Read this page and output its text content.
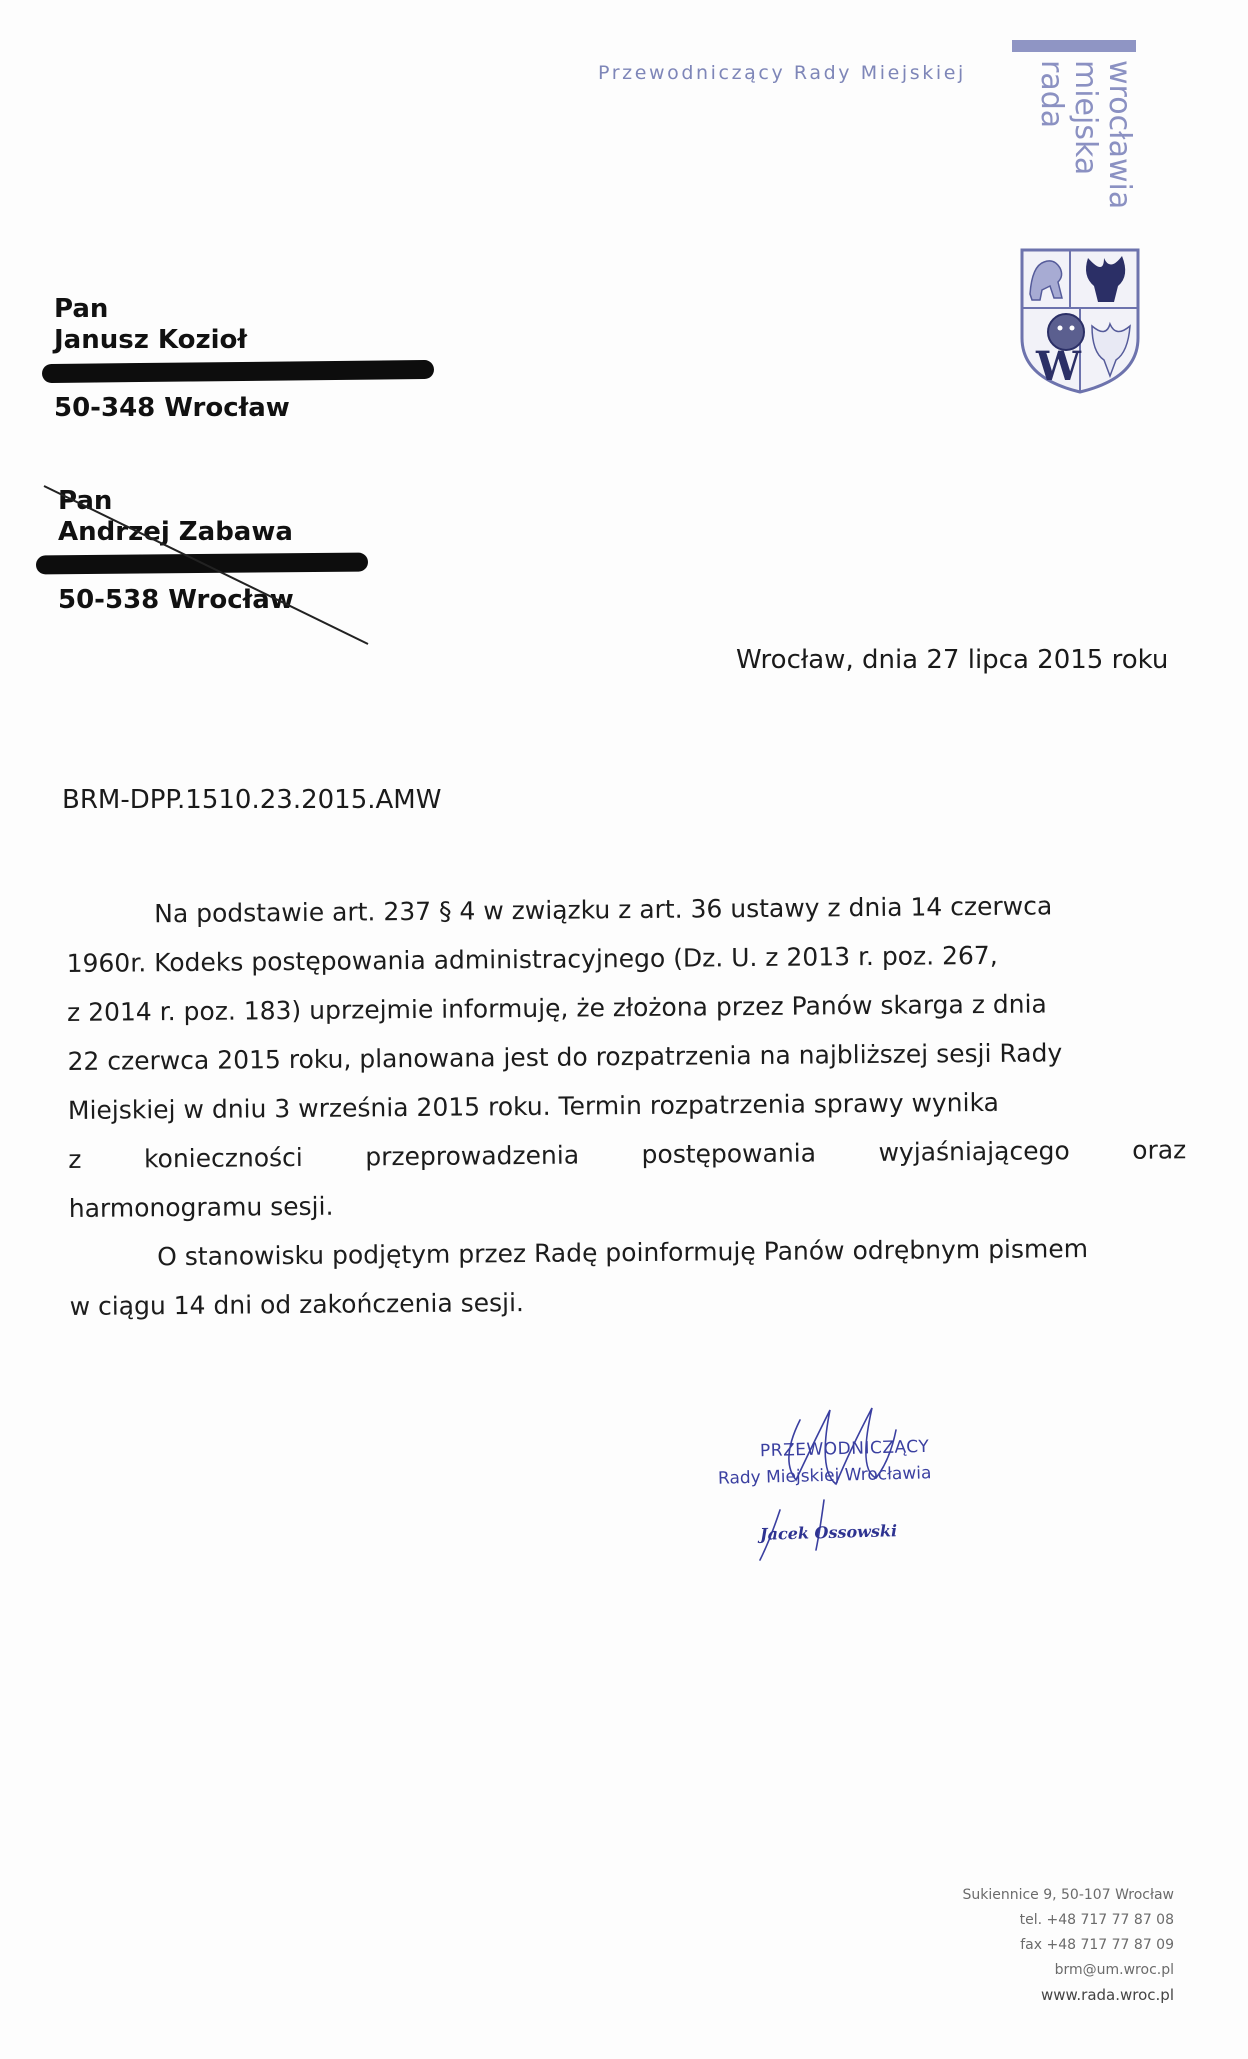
Przewodniczący Rady Miejskiej rada miejska wrocławia
W
Pan
Janusz Kozioł
50-348 Wrocław
Pan
Andrzej Zabawa
50-538 Wrocław
Wrocław, dnia 27 lipca 2015 roku
BRM-DPP.1510.23.2015.AMW
Na podstawie art. 237 § 4 w związku z art. 36 ustawy z dnia 14 czerwca
1960r. Kodeks postępowania administracyjnego (Dz. U. z 2013 r. poz. 267,
z 2014 r. poz. 183) uprzejmie informuję, że złożona przez Panów skarga z dnia
22 czerwca 2015 roku, planowana jest do rozpatrzenia na najbliższej sesji Rady
Miejskiej w dniu 3 września 2015 roku. Termin rozpatrzenia sprawy wynika
z konieczności przeprowadzenia postępowania wyjaśniającego oraz
harmonogramu sesji.
O stanowisku podjętym przez Radę poinformuję Panów odrębnym pismem
w ciągu 14 dni od zakończenia sesji.
PRZEWODNICZĄCY
Rady Miejskiej Wrocławia
Jacek Ossowski
Sukiennice 9, 50-107 Wrocław
tel. +48 717 77 87 08
fax +48 717 77 87 09
brm@um.wroc.pl
www.rada.wroc.pl
